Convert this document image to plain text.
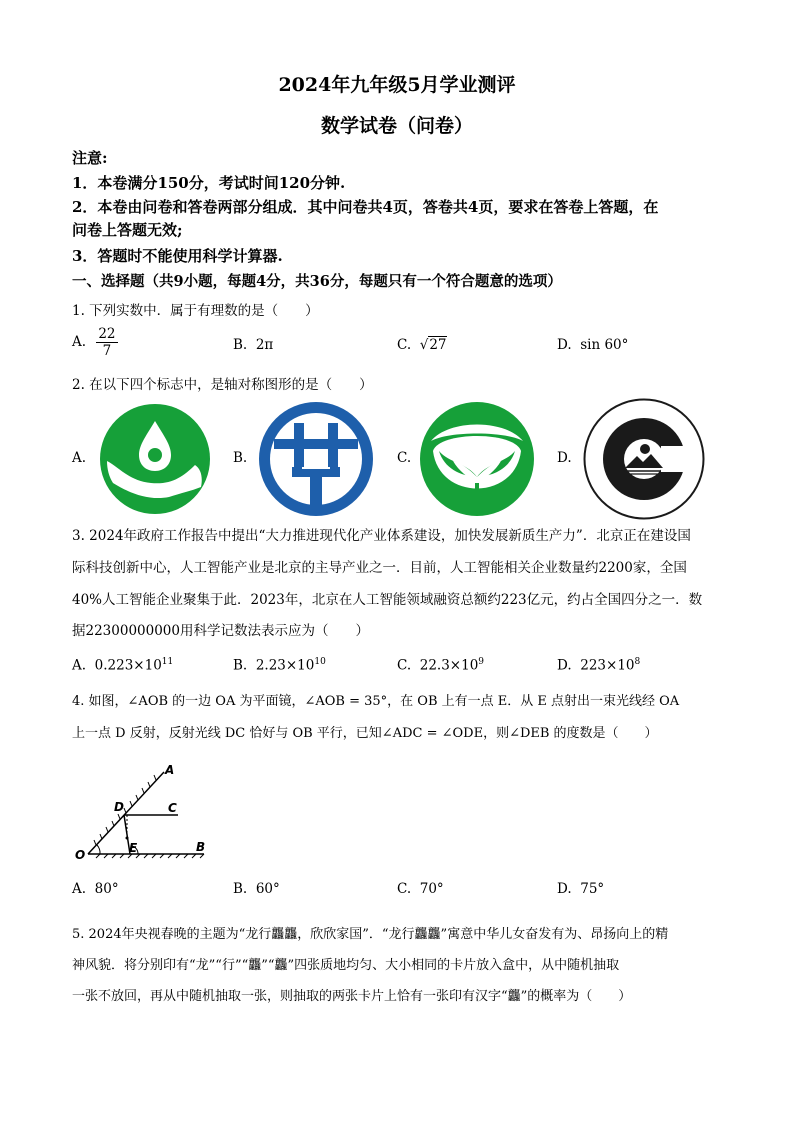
2024年九年级5月学业测评
数学试卷（问卷）
注意:
1．本卷满分150分，考试时间120分钟.
2．本卷由问卷和答卷两部分组成．其中问卷共4页，答卷共4页，要求在答卷上答题，在
问卷上答题无效;
3．答题时不能使用科学计算器.
一、选择题（共9小题，每题4分，共36分，每题只有一个符合题意的选项）
1. 下列实数中．属于有理数的是（　　）
A. $\frac{22}{7}$	B. 2π	C. √27	D. sin 60°
2. 在以下四个标志中，是轴对称图形的是（　　）
A.	B.	C.	D.
3. 2024年政府工作报告中提出“大力推进现代化产业体系建设，加快发展新质生产力”．北京正在建设国
际科技创新中心，人工智能产业是北京的主导产业之一．目前，人工智能相关企业数量约2200家，全国
40%人工智能企业聚集于此．2023年，北京在人工智能领域融资总额约223亿元，约占全国四分之一．数
据22300000000用科学记数法表示应为（　　）
A. $0.223\times 10^{11}$	B. $2.23\times 10^{10}$	C. $22.3\times 10^9$	D. $223\times 10^8$
4. 如图，∠AOB 的一边 OA 为平面镜，∠AOB = 35°，在 OB 上有一点 E．从 E 点射出一束光线经 OA
上一点 D 反射，反射光线 DC 恰好与 OB 平行，已知∠ADC = ∠ODE，则∠DEB 的度数是（　　）
A
D	C
O	E	B
A. 80°	B. 60°	C. 70°	D. 75°
5. 2024年央视春晚的主题为“龙行龘龘，欣欣家国”．“龙行龘龘”寓意中华儿女奋发有为、昂扬向上的精
神风貌．将分别印有“龙”“行”“龘”“龘”四张质地均匀、大小相同的卡片放入盒中，从中随机抽取
一张不放回，再从中随机抽取一张，则抽取的两张卡片上恰有一张印有汉字“龘”的概率为（　　）
